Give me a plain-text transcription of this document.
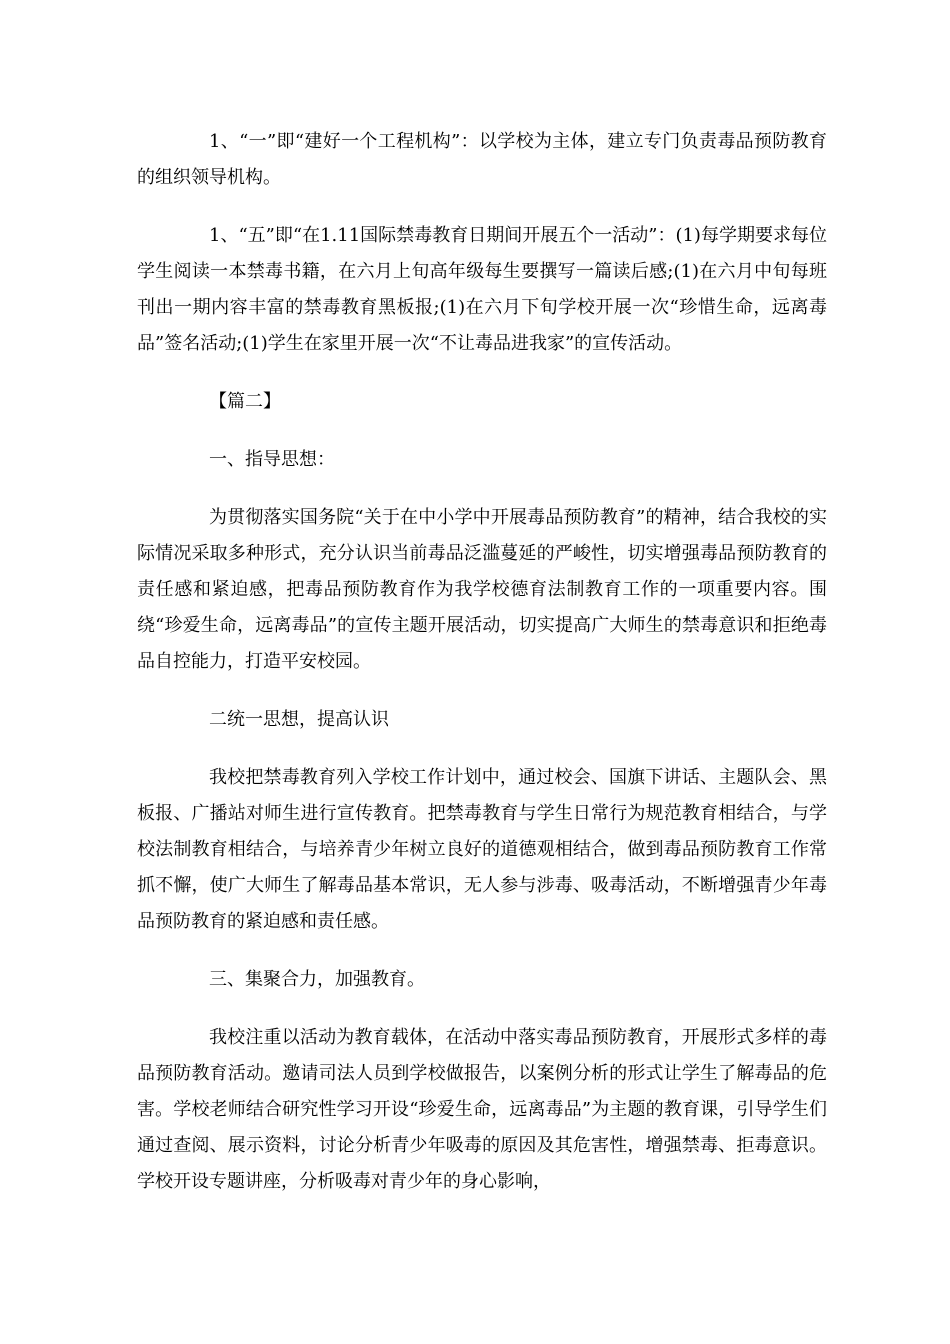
1、“一”即“建好一个工程机构”：以学校为主体，建立专门负责毒品预防教育的组织领导机构。

1、“五”即“在1.11国际禁毒教育日期间开展五个一活动”：(1)每学期要求每位学生阅读一本禁毒书籍，在六月上旬高年级每生要撰写一篇读后感;(1)在六月中旬每班刊出一期内容丰富的禁毒教育黑板报;(1)在六月下旬学校开展一次“珍惜生命，远离毒品”签名活动;(1)学生在家里开展一次“不让毒品进我家”的宣传活动。

【篇二】

一、指导思想：

为贯彻落实国务院“关于在中小学中开展毒品预防教育”的精神，结合我校的实际情况采取多种形式，充分认识当前毒品泛滥蔓延的严峻性，切实增强毒品预防教育的责任感和紧迫感，把毒品预防教育作为我学校德育法制教育工作的一项重要内容。围绕“珍爱生命，远离毒品”的宣传主题开展活动，切实提高广大师生的禁毒意识和拒绝毒品自控能力，打造平安校园。

二统一思想，提高认识

我校把禁毒教育列入学校工作计划中，通过校会、国旗下讲话、主题队会、黑板报、广播站对师生进行宣传教育。把禁毒教育与学生日常行为规范教育相结合，与学校法制教育相结合，与培养青少年树立良好的道德观相结合，做到毒品预防教育工作常抓不懈，使广大师生了解毒品基本常识，无人参与涉毒、吸毒活动，不断增强青少年毒品预防教育的紧迫感和责任感。

三、集聚合力，加强教育。

我校注重以活动为教育载体，在活动中落实毒品预防教育，开展形式多样的毒品预防教育活动。邀请司法人员到学校做报告，以案例分析的形式让学生了解毒品的危害。学校老师结合研究性学习开设“珍爱生命，远离毒品”为主题的教育课，引导学生们通过查阅、展示资料，讨论分析青少年吸毒的原因及其危害性，增强禁毒、拒毒意识。学校开设专题讲座，分析吸毒对青少年的身心影响，
